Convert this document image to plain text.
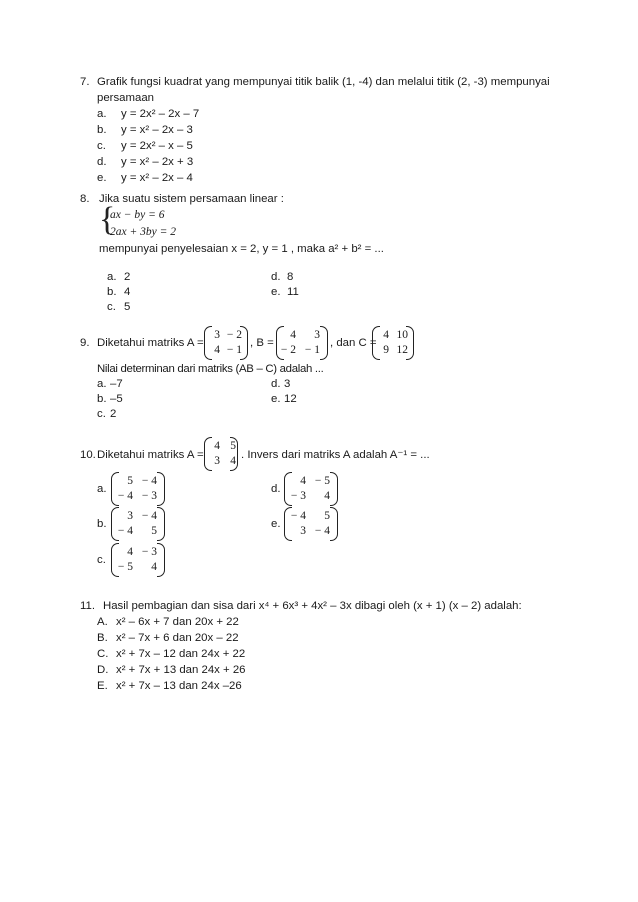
7. Grafik fungsi kuadrat yang mempunyai titik balik (1, -4) dan melalui titik (2, -3) mempunyai
persamaan
a. y = 2x² – 2x – 7
b. y = x² – 2x – 3
c. y = 2x² – x – 5
d. y = x² – 2x + 3
e. y = x² – 2x – 4
8. Jika suatu sistem persamaan linear :
{
ax − by = 6
2ax + 3by = 2
mempunyai penyelesaian x = 2, y = 1 , maka a² + b² = ...
a. 2
b. 4
c. 5
d. 8
e. 11
9. Diketahui matriks A =
3 − 2
4 − 1
, B =
4	3
− 2 − 1
, dan C =
4 10
9 12
Nilai determinan dari matriks (AB – C) adalah ...
a. –7
b. –5
c. 2
d. 3
e. 12
10. Diketahui matriks A =
4 5
3 4 . Invers dari matriks A adalah A⁻¹ = ...
a.
5 − 4
− 4 − 3
b.
3 − 4
− 4	5
c.
4 − 3
− 5	4
d.
4 − 5
− 3	4
e.
− 4	5
3 − 4
11. Hasil pembagian dan sisa dari x⁴ + 6x³ + 4x² – 3x dibagi oleh (x + 1) (x – 2) adalah:
A. x² – 6x + 7 dan 20x + 22
B. x² – 7x + 6 dan 20x – 22
C. x² + 7x – 12 dan 24x + 22
D. x² + 7x + 13 dan 24x + 26
E. x² + 7x – 13 dan 24x –26
